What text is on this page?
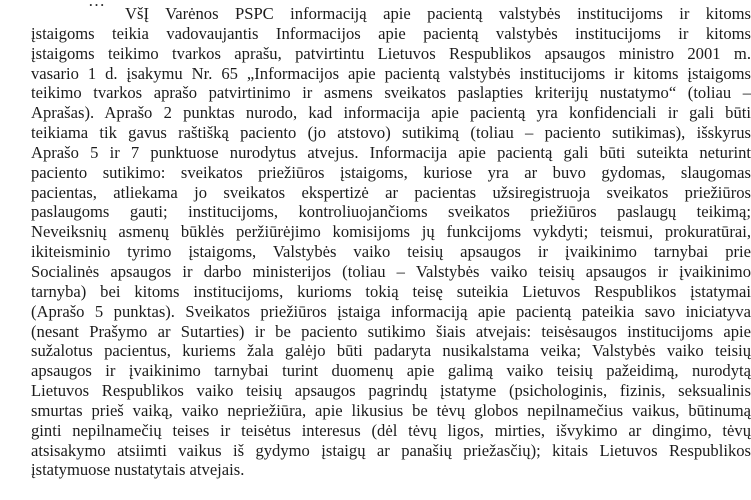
…
VšĮ Varėnos PSPC informaciją apie pacientą valstybės institucijoms ir kitoms
įstaigoms teikia vadovaujantis Informacijos apie pacientą valstybės institucijoms ir kitoms
įstaigoms teikimo tvarkos aprašu, patvirtintu Lietuvos Respublikos apsaugos ministro 2001 m.
vasario 1 d. įsakymu Nr. 65 „Informacijos apie pacientą valstybės institucijoms ir kitoms įstaigoms
teikimo tvarkos aprašo patvirtinimo ir asmens sveikatos paslapties kriterijų nustatymo“ (toliau –
Aprašas). Aprašo 2 punktas nurodo, kad informacija apie pacientą yra konfidenciali ir gali būti
teikiama tik gavus raštišką paciento (jo atstovo) sutikimą (toliau – paciento sutikimas), išskyrus
Aprašo 5 ir 7 punktuose nurodytus atvejus. Informacija apie pacientą gali būti suteikta neturint
paciento sutikimo: sveikatos priežiūros įstaigoms, kuriose yra ar buvo gydomas, slaugomas
pacientas, atliekama jo sveikatos ekspertizė ar pacientas užsiregistruoja sveikatos priežiūros
paslaugoms gauti; institucijoms, kontroliuojančioms sveikatos priežiūros paslaugų teikimą;
Neveiksnių asmenų būklės peržiūrėjimo komisijoms jų funkcijoms vykdyti; teismui, prokuratūrai,
ikiteisminio tyrimo įstaigoms, Valstybės vaiko teisių apsaugos ir įvaikinimo tarnybai prie
Socialinės apsaugos ir darbo ministerijos (toliau – Valstybės vaiko teisių apsaugos ir įvaikinimo
tarnyba) bei kitoms institucijoms, kurioms tokią teisę suteikia Lietuvos Respublikos įstatymai
(Aprašo 5 punktas). Sveikatos priežiūros įstaiga informaciją apie pacientą pateikia savo iniciatyva
(nesant Prašymo ar Sutarties) ir be paciento sutikimo šiais atvejais: teisėsaugos institucijoms apie
sužalotus pacientus, kuriems žala galėjo būti padaryta nusikalstama veika; Valstybės vaiko teisių
apsaugos ir įvaikinimo tarnybai turint duomenų apie galimą vaiko teisių pažeidimą, nurodytą
Lietuvos Respublikos vaiko teisių apsaugos pagrindų įstatyme (psichologinis, fizinis, seksualinis
smurtas prieš vaiką, vaiko nepriežiūra, apie likusius be tėvų globos nepilnamečius vaikus, būtinumą
ginti nepilnamečių teises ir teisėtus interesus (dėl tėvų ligos, mirties, išvykimo ar dingimo, tėvų
atsisakymo atsiimti vaikus iš gydymo įstaigų ar panašių priežasčių); kitais Lietuvos Respublikos
įstatymuose nustatytais atvejais.
